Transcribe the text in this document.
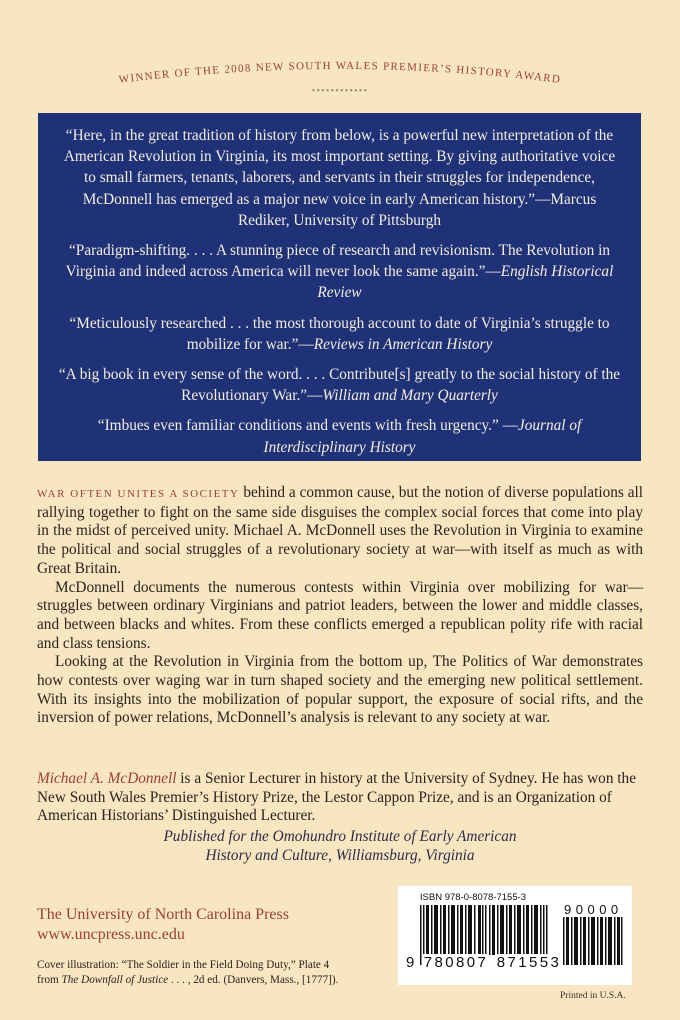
WINNER OF THE 2008 NEW SOUTH WALES PREMIER’S HISTORY AWARD
••••••••••••

“Here, in the great tradition of history from below, is a powerful new interpretation of the American Revolution in Virginia, its most important setting. By giving authoritative voice to small farmers, tenants, laborers, and servants in their struggles for independence, McDonnell has emerged as a major new voice in early American history.”—Marcus Rediker, University of Pittsburgh

“Paradigm-shifting. . . . A stunning piece of research and revisionism. The Revolution in Virginia and indeed across America will never look the same again.”—English Historical Review

“Meticulously researched . . . the most thorough account to date of Virginia’s struggle to mobilize for war.”—Reviews in American History

“A big book in every sense of the word. . . . Contribute[s] greatly to the social history of the Revolutionary War.”—William and Mary Quarterly

“Imbues even familiar conditions and events with fresh urgency.” —Journal of Interdisciplinary History

WAR OFTEN UNITES A SOCIETY behind a common cause, but the notion of diverse populations all rallying together to fight on the same side disguises the complex social forces that come into play in the midst of perceived unity. Michael A. McDonnell uses the Revolution in Virginia to examine the political and social struggles of a revolutionary society at war—with itself as much as with Great Britain.

McDonnell documents the numerous contests within Virginia over mobilizing for war—struggles between ordinary Virginians and patriot leaders, between the lower and middle classes, and between blacks and whites. From these conflicts emerged a republican polity rife with racial and class tensions.

Looking at the Revolution in Virginia from the bottom up, The Politics of War demonstrates how contests over waging war in turn shaped society and the emerging new political settlement. With its insights into the mobilization of popular support, the exposure of social rifts, and the inversion of power relations, McDonnell’s analysis is relevant to any society at war.

Michael A. McDonnell is a Senior Lecturer in history at the University of Sydney. He has won the New South Wales Premier’s History Prize, the Lestor Cappon Prize, and is an Organization of American Historians’ Distinguished Lecturer.
Published for the Omohundro Institute of Early American
History and Culture, Williamsburg, Virginia
The University of North Carolina Press
www.uncpress.unc.edu
Cover illustration: “The Soldier in the Field Doing Duty,” Plate 4
from The Downfall of Justice . . . , 2d ed. (Danvers, Mass., [1777]).
ISBN 978-0-8078-7155-3
9 780807 871553
90000
Printed in U.S.A.
